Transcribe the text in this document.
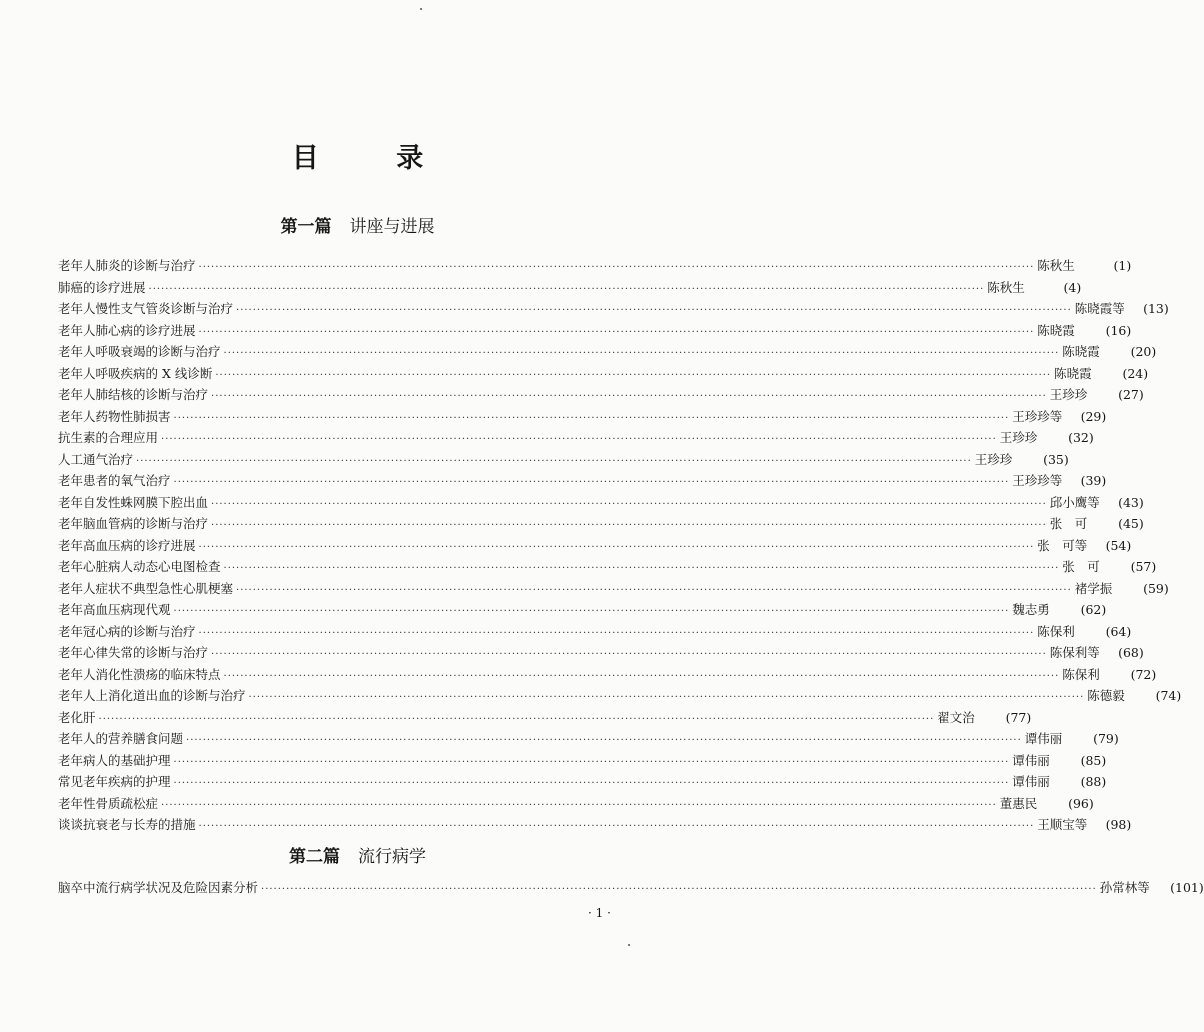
目 录
第一篇 讲座与进展
老年人肺炎的诊断与治疗 ········································································································································································································ 陈秋生	(1)
肺癌的诊疗进展 ········································································································································································································ 陈秋生	(4)
老年人慢性支气管炎诊断与治疗 ········································································································································································································ 陈晓霞等	(13)
老年人肺心病的诊疗进展 ········································································································································································································ 陈晓霞	(16)
老年人呼吸衰竭的诊断与治疗 ········································································································································································································ 陈晓霞	(20)
老年人呼吸疾病的 X 线诊断 ········································································································································································································ 陈晓霞	(24)
老年人肺结核的诊断与治疗 ········································································································································································································ 王珍珍	(27)
老年人药物性肺损害 ········································································································································································································ 王珍珍等	(29)
抗生素的合理应用 ········································································································································································································ 王珍珍	(32)
人工通气治疗 ········································································································································································································ 王珍珍	(35)
老年患者的氧气治疗 ········································································································································································································ 王珍珍等	(39)
老年自发性蛛网膜下腔出血 ········································································································································································································ 邱小鹰等	(43)
老年脑血管病的诊断与治疗 ········································································································································································································ 张　可	(45)
老年高血压病的诊疗进展 ········································································································································································································ 张　可等	(54)
老年心脏病人动态心电图检查 ········································································································································································································ 张　可	(57)
老年人症状不典型急性心肌梗塞 ········································································································································································································ 褚学振	(59)
老年高血压病现代观 ········································································································································································································ 魏志勇	(62)
老年冠心病的诊断与治疗 ········································································································································································································ 陈保利	(64)
老年心律失常的诊断与治疗 ········································································································································································································ 陈保利等	(68)
老年人消化性溃疡的临床特点 ········································································································································································································ 陈保利	(72)
老年人上消化道出血的诊断与治疗 ········································································································································································································ 陈德毅	(74)
老化肝 ········································································································································································································ 翟文治	(77)
老年人的营养膳食问题 ········································································································································································································ 谭伟丽	(79)
老年病人的基础护理 ········································································································································································································ 谭伟丽	(85)
常见老年疾病的护理 ········································································································································································································ 谭伟丽	(88)
老年性骨质疏松症 ········································································································································································································ 董惠民	(96)
谈谈抗衰老与长寿的措施 ········································································································································································································ 王顺宝等	(98)
第二篇 流行病学
脑卒中流行病学状况及危险因素分析 ········································································································································································································ 孙常林等	(101)
· 1 ·
